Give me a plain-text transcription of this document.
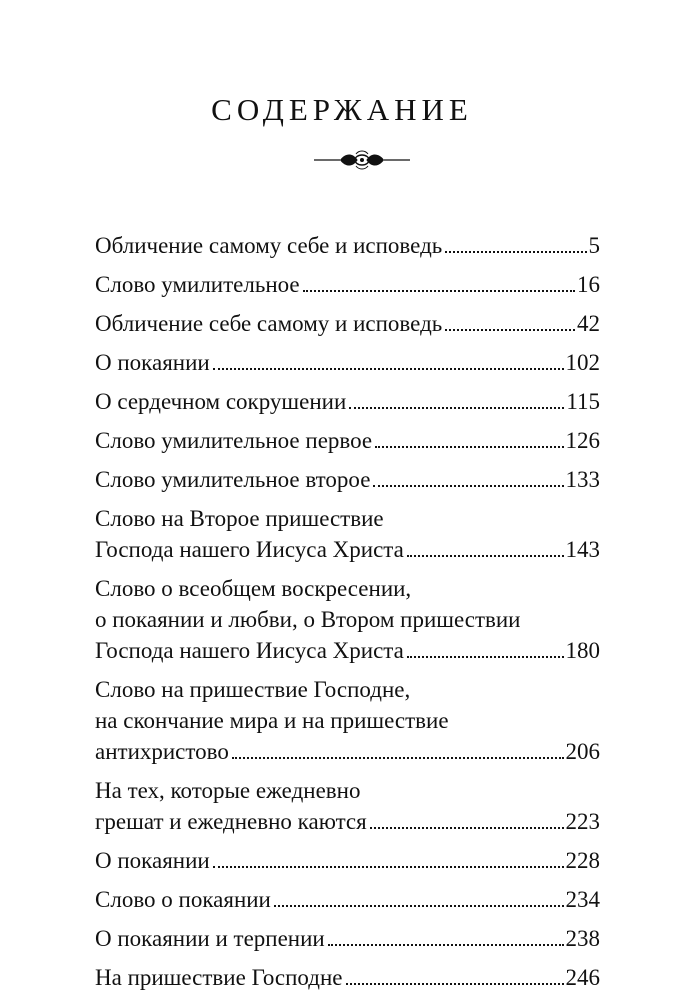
СОДЕРЖАНИЕ
Обличение самому себе и исповедь	5
Слово умилительное	16
Обличение себе самому и исповедь	42
О покаянии	102
О сердечном сокрушении	115
Слово умилительное первое	126
Слово умилительное второе	133
Слово на Второе пришествие
Господа нашего Иисуса Христа	143
Слово о всеобщем воскресении,
о покаянии и любви, о Втором пришествии
Господа нашего Иисуса Христа	180
Слово на пришествие Господне,
на скончание мира и на пришествие
антихристово	206
На тех, которые ежедневно
грешат и ежедневно каются	223
О покаянии	228
Слово о покаянии	234
О покаянии и терпении	238
На пришествие Господне	246
